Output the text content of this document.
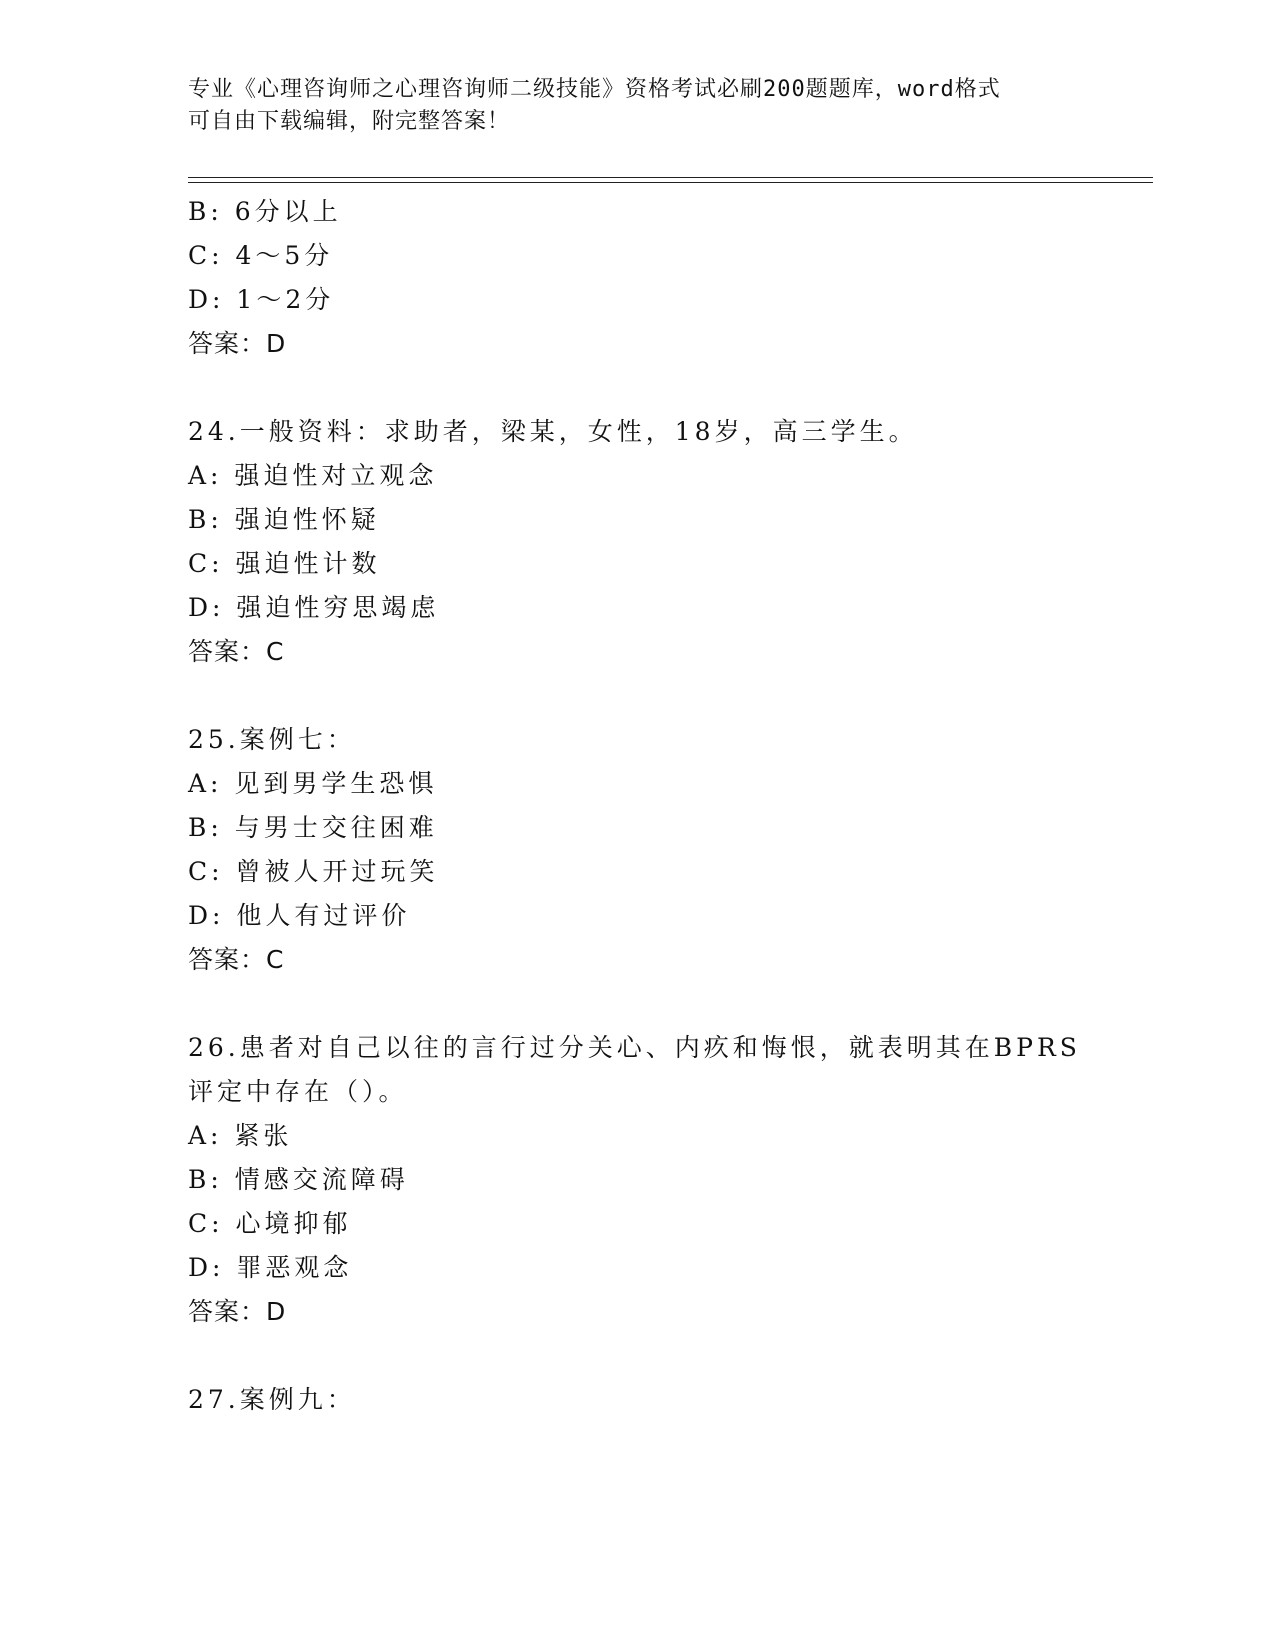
专业《心理咨询师之心理咨询师二级技能》资格考试必刷200题题库，word格式
可自由下载编辑，附完整答案！
B: 6分以上
C: 4～5分
D: 1～2分
答案：D
24.一般资料：求助者，梁某，女性，18岁，高三学生。
A: 强迫性对立观念
B: 强迫性怀疑
C: 强迫性计数
D: 强迫性穷思竭虑
答案：C
25.案例七：
A: 见到男学生恐惧
B: 与男士交往困难
C: 曾被人开过玩笑
D: 他人有过评价
答案：C
26.患者对自己以往的言行过分关心、内疚和悔恨，就表明其在BPRS
评定中存在（）。
A: 紧张
B: 情感交流障碍
C: 心境抑郁
D: 罪恶观念
答案：D
27.案例九：
